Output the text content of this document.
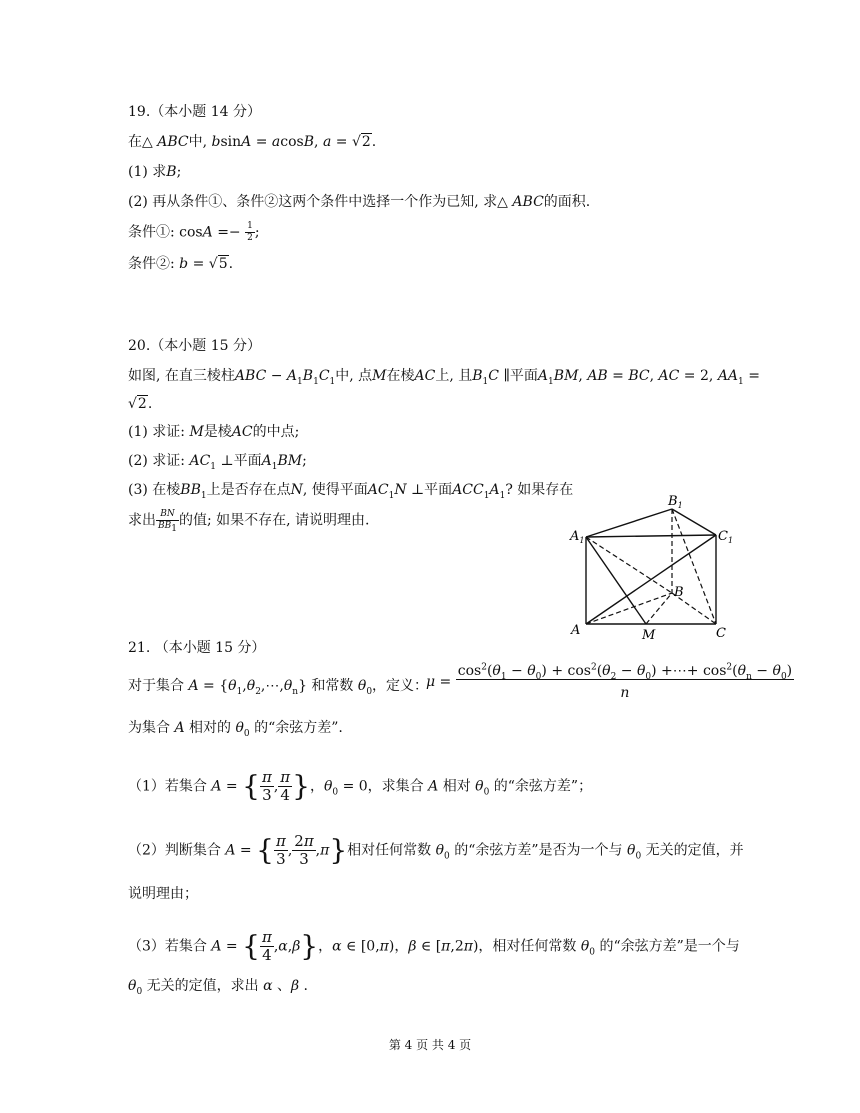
19.（本小题 14 分）
在△ ABC中, bsinA = acosB, a = √2.
(1) 求B;
(2) 再从条件①、条件②这两个条件中选择一个作为已知, 求△ ABC的面积.
条件①: $\cos A =- \frac{1}{2}$ ;
条件②: b = √5.
20.（本小题 15 分）
如图, 在直三棱柱ABC − $A_1B_1C_1$中, 点M在棱AC上, 且$B_1C$ ∥平面$A_1BM$, AB = BC, AC = 2, $AA_1$ =
√2.
(1) 求证: M是棱AC的中点;
(2) 求证: $AC_1$ ⊥平面$A_1BM$;
(3) 在棱$BB_1$上是否存在点N, 使得平面$AC_1N$ ⊥平面$ACC_1A_1$? 如果存在
求出 $\frac{BN}{BB_1}$ 的值; 如果不存在, 请说明理由.
$A_1$
$B_1$
$C_1$
A
B
C
M
21. （本小题 15 分）
对于集合 $A = \{\theta_1,\theta_2,\cdots,\theta_n\}$ 和常数 $\theta_0$，定义：
$\mu = \frac{\cos^2(\theta_1 - \theta_0) + \cos^2(\theta_2 - \theta_0) +\cdots+ \cos^2(\theta_n - \theta_0)}{n}$
为集合 A 相对的 $\theta_0$ 的“余弦方差”.
（1）若集合 A = { $\frac{\pi}{3}$ , $\frac{\pi}{4}$ }，$\theta_0 = 0$，求集合 A 相对 $\theta_0$ 的“余弦方差”；
（2）判断集合 A = { $\frac{\pi}{3}$ , $\frac{2\pi}{3} ,\pi$}相对任何常数 $\theta_0$ 的“余弦方差”是否为一个与 $\theta_0$ 无关的定值，并
说明理由；
（3）若集合 A = { $\frac{\pi}{4} ,\alpha,\beta$}，α ∈ [0,π)，β ∈ [π,2π)，相对任何常数 $\theta_0$ 的“余弦方差”是一个与
$\theta_0$ 无关的定值，求出 α 、β .
第 4 页 共 4 页
